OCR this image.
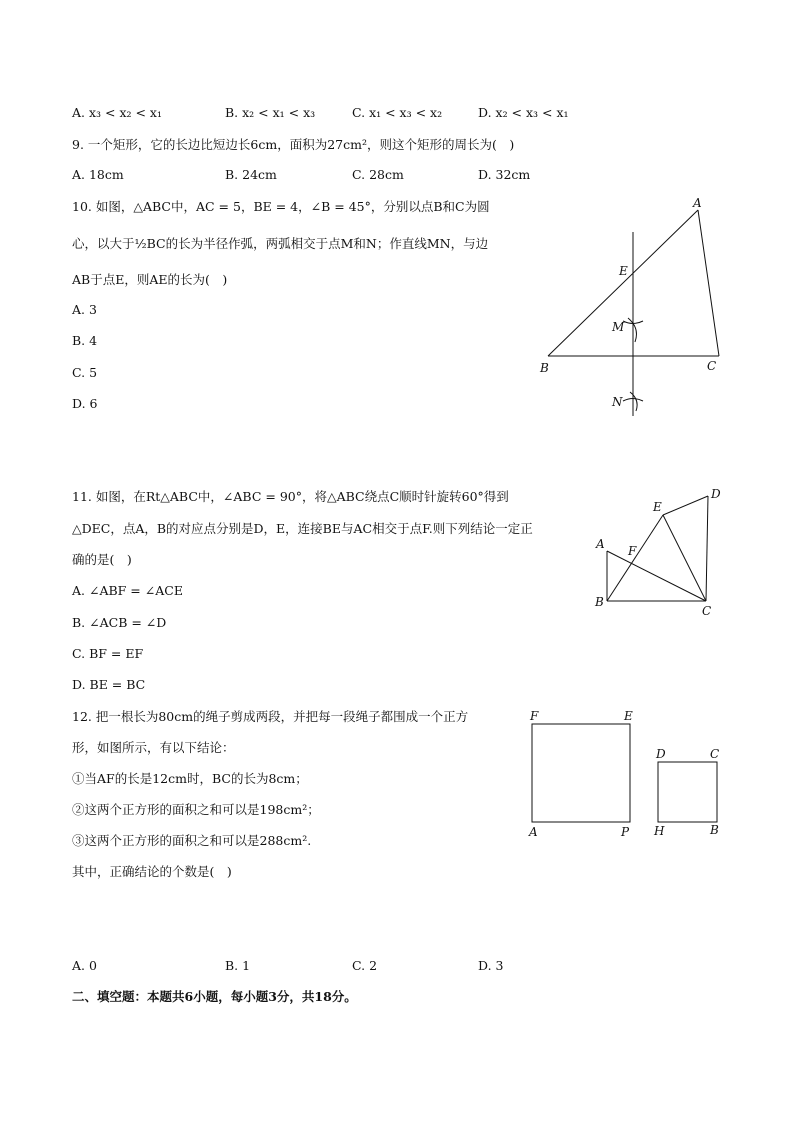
A. x₃ < x₂ < x₁	B. x₂ < x₁ < x₃	C. x₁ < x₃ < x₂	D. x₂ < x₃ < x₁
9. 一个矩形，它的长边比短边长6cm，面积为27cm²，则这个矩形的周长为(　)
A. 18cm	B. 24cm	C. 28cm	D. 32cm
10. 如图，△ABC中，AC = 5，BE = 4，∠B = 45°，分别以点B和C为圆
心，以大于½BC的长为半径作弧，两弧相交于点M和N；作直线MN，与边
AB于点E，则AE的长为(　)
A. 3
B. 4
C. 5
D. 6
A
B	C
E
M
N
11. 如图，在Rt△ABC中，∠ABC = 90°，将△ABC绕点C顺时针旋转60°得到
△DEC，点A，B的对应点分别是D，E，连接BE与AC相交于点F.则下列结论一定正
确的是(　)
A. ∠ABF = ∠ACE
B. ∠ACB = ∠D
C. BF = EF
D. BE = BC
A
B
C
D
E
F
12. 把一根长为80cm的绳子剪成两段，并把每一段绳子都围成一个正方
形，如图所示，有以下结论：
①当AF的长是12cm时，BC的长为8cm；
②这两个正方形的面积之和可以是198cm²；
③这两个正方形的面积之和可以是288cm².
其中，正确结论的个数是(　)
A. 0	B. 1	C. 2	D. 3
F	E
A	P
D	C
H	B
二、填空题：本题共6小题，每小题3分，共18分。
